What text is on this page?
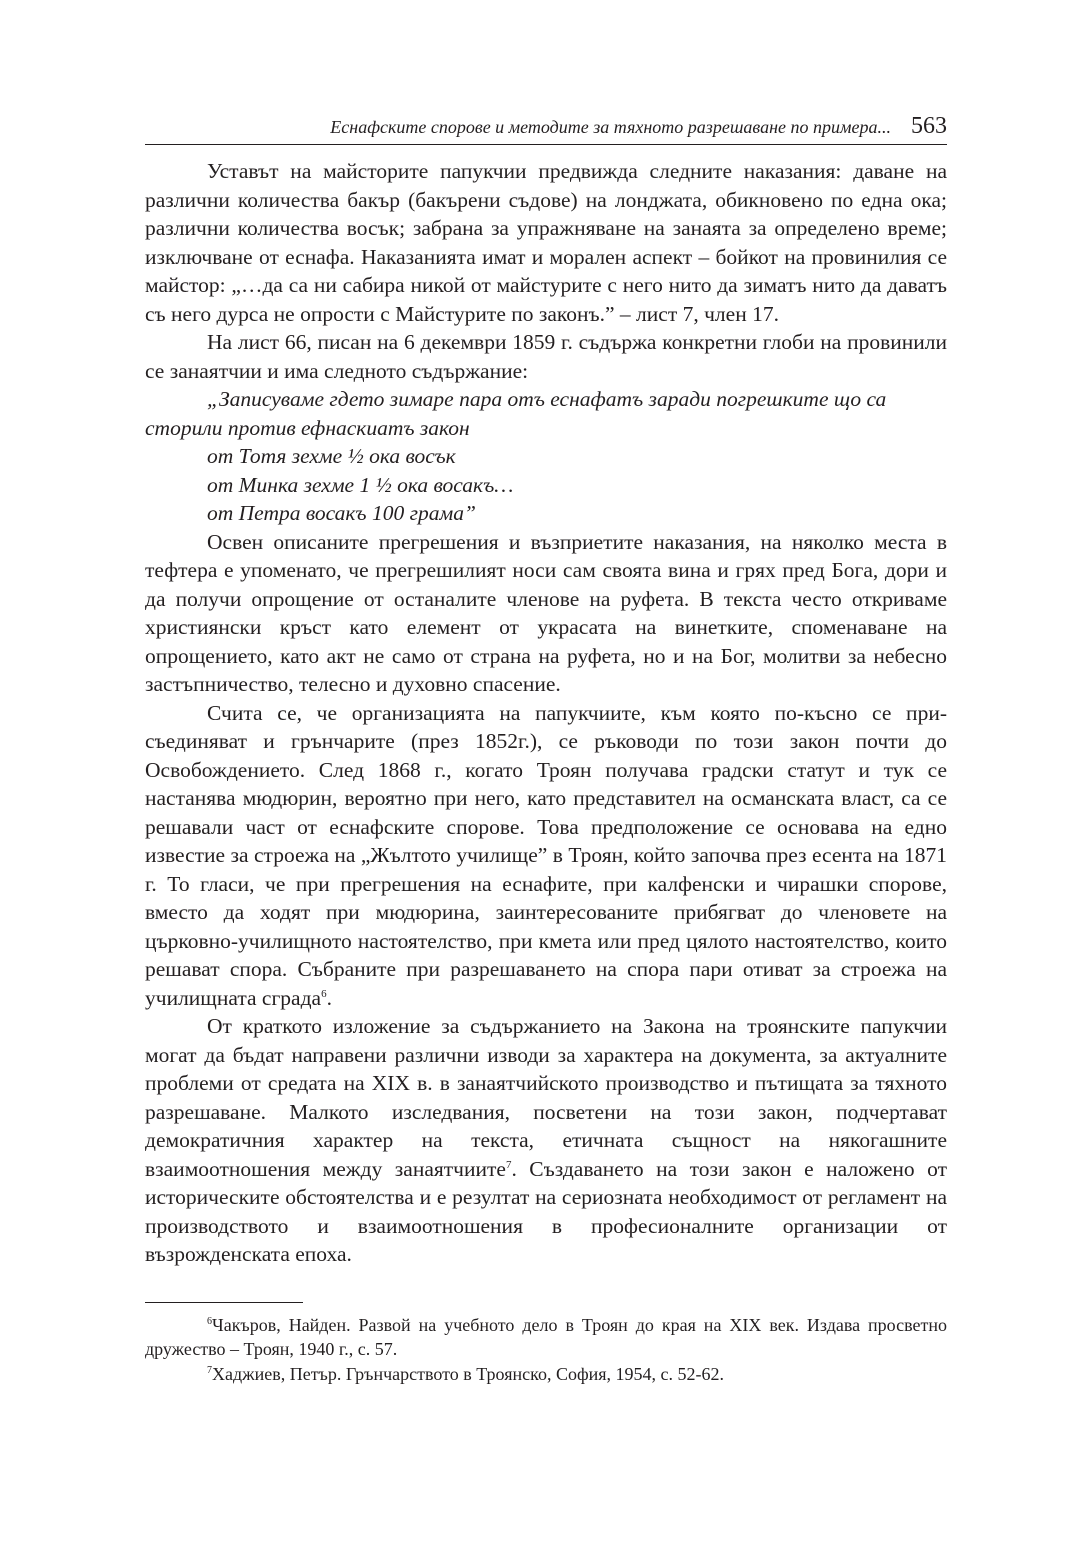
Еснафските спорове и методите за тяхното разрешаване по примера... 563

Уставът на майсторите папукчии предвижда следните наказания: даване на различни количества бакър (бакърени съдове) на лонджата, обикновено по една ока; различни количества восък; забрана за упражняване на занаята за определено време; изключване от еснафа. Наказанията имат и морален аспект – бойкот на провинилия се майстор: „…да са ни сабира никой от майстурите с него нито да зиматъ нито да даватъ съ него дурса не опрости с Майстурите по законъ.” – лист 7, член 17.

На лист 66, писан на 6 декември 1859 г. съдържа конкретни глоби на провинили се занаятчии и има следното съдържание:

„Записуваме гдето зимаре пара отъ еснафатъ заради погрешките що са сторили против ефнаскиатъ закон

от Тотя зехме ½ ока восък
от Минка зехме 1 ½ ока восакъ…
от Петра восакъ 100 грама”

Освен описаните прегрешения и възприетите наказания, на няколко места в тефтера е упоменато, че прегрешилият носи сам своята вина и грях пред Бога, дори и да получи опрощение от останалите членове на руфета. В текста често откриваме християнски кръст като елемент от украсата на винетките, споменаване на опрощението, като акт не само от страна на руфета, но и на Бог, молитви за небесно застъпничество, телесно и духовно спасение.

Счита се, че организацията на папукчиите, към която по-късно се присъединяват и грънчарите (през 1852г.), се ръководи по този закон почти до Освобождението. След 1868 г., когато Троян получава градски статут и тук се настанява мюдюрин, вероятно при него, като представител на османската власт, са се решавали част от еснафските спорове. Това предположение се основава на едно известие за строежа на „Жълтото училище” в Троян, който започва през есента на 1871 г. То гласи, че при прегрешения на еснафите, при калфенски и чирашки спорове, вместо да ходят при мюдюрина, заинтересованите прибягват до членовете на църковно-училищното настоятелство, при кмета или пред цялото настоятелство, които решават спора. Събраните при разрешаването на спора пари отиват за строежа на училищната сграда$^6$.

От краткото изложение за съдържанието на Закона на троянските папукчии могат да бъдат направени различни изводи за характера на документа, за актуалните проблеми от средата на XIX в. в занаятчийското производство и пътищата за тяхното разрешаване. Малкото изследвания, посветени на този закон, подчертават демократичния характер на текста, етичната същност на някогашните взаимоотношения между занаятчиите$^7$. Създаването на този закон е наложено от историческите обстоятелства и е резултат на сериозната необходимост от регламент на производството и взаимоотношения в професионалните организации от възрожденската епоха.

$^6$Чакъров, Найден. Развой на учебното дело в Троян до края на XIX век. Издава просветно дружество – Троян, 1940 г., с. 57.

$^7$Хаджиев, Петър. Грънчарството в Троянско, София, 1954, с. 52-62.
